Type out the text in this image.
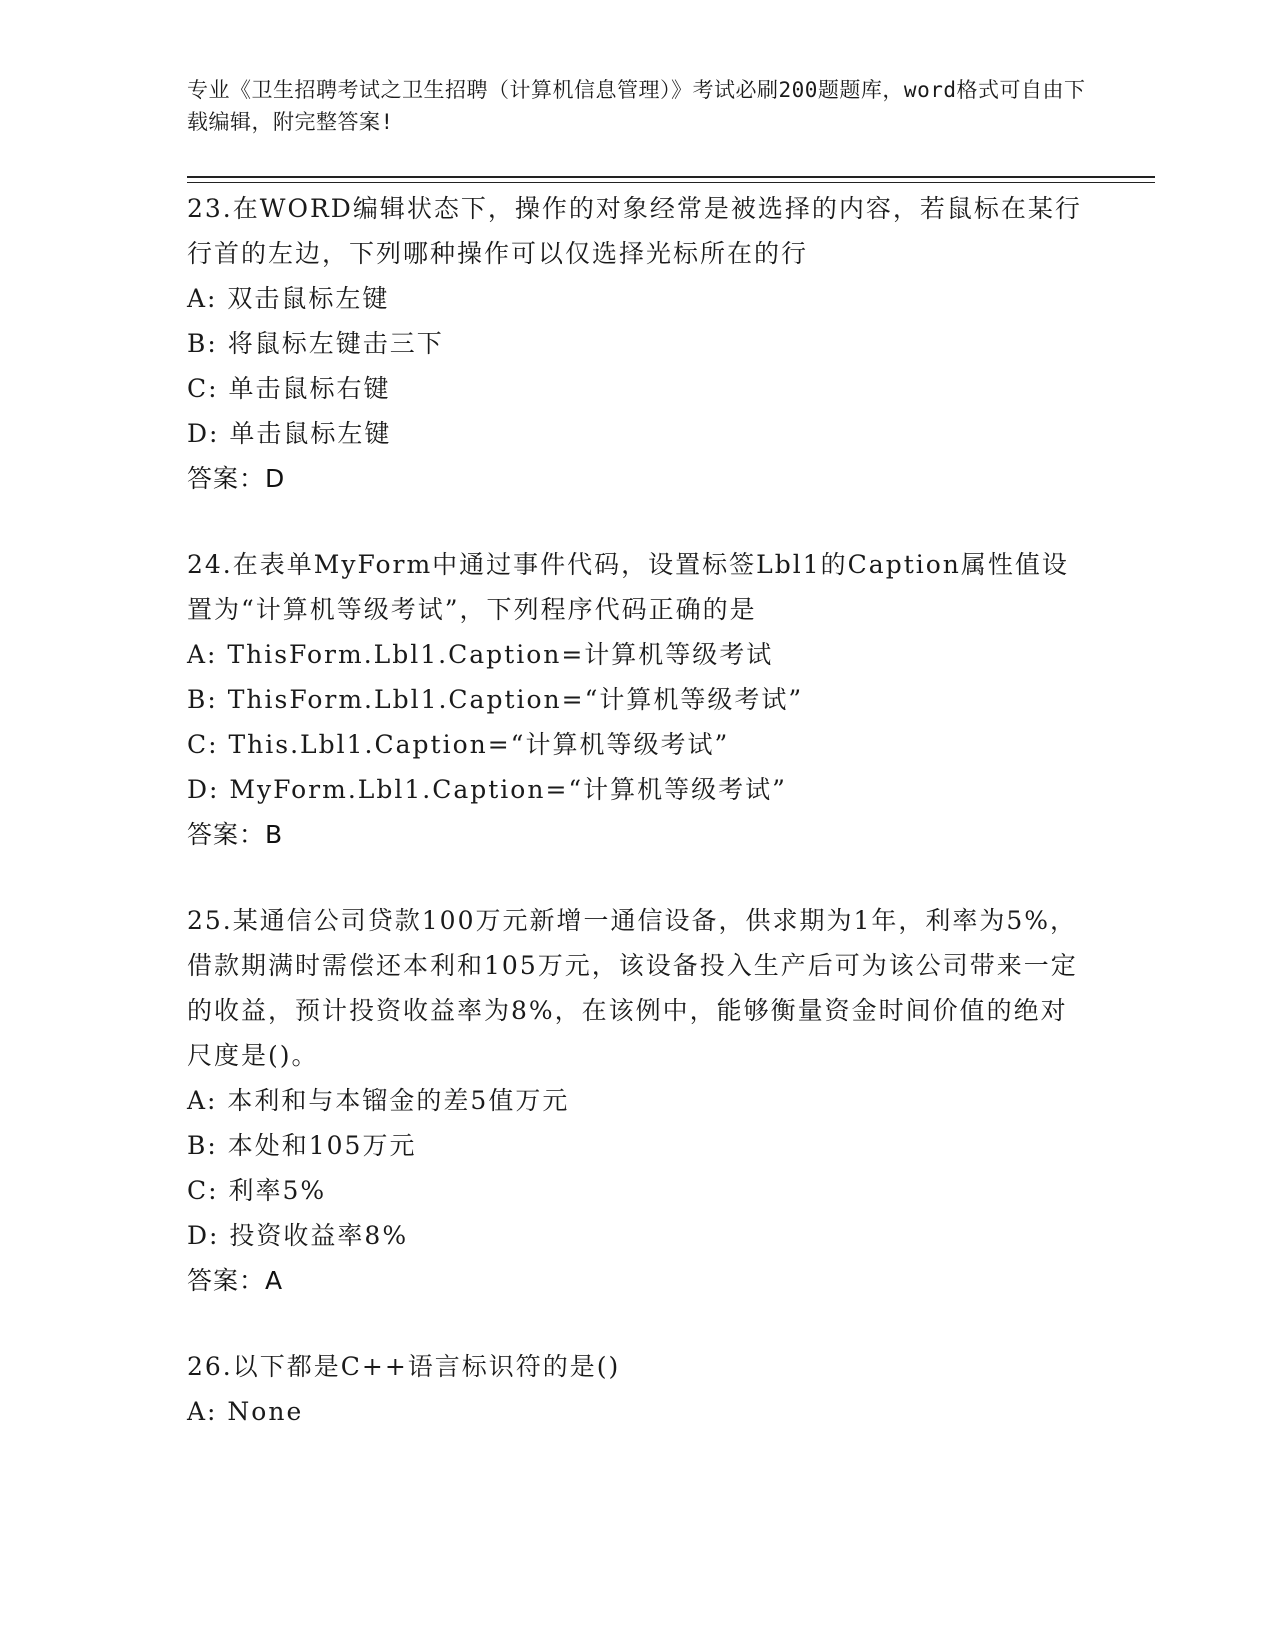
专业《卫生招聘考试之卫生招聘（计算机信息管理）》考试必刷200题题库，word格式可自由下载编辑，附完整答案!

23.在WORD编辑状态下，操作的对象经常是被选择的内容，若鼠标在某行行首的左边，下列哪种操作可以仅选择光标所在的行

A: 双击鼠标左键

B: 将鼠标左键击三下

C: 单击鼠标右键

D: 单击鼠标左键

答案：D

24.在表单MyForm中通过事件代码，设置标签Lbl1的Caption属性值设置为“计算机等级考试”，下列程序代码正确的是

A: ThisForm.Lbl1.Caption=计算机等级考试

B: ThisForm.Lbl1.Caption=“计算机等级考试”

C: This.Lbl1.Caption=“计算机等级考试”

D: MyForm.Lbl1.Caption=“计算机等级考试”

答案：B

25.某通信公司贷款100万元新增一通信设备，供求期为1年，利率为5%，借款期满时需偿还本利和105万元，该设备投入生产后可为该公司带来一定的收益，预计投资收益率为8%，在该例中，能够衡量资金时间价值的绝对尺度是()。

A: 本利和与本镏金的差5值万元

B: 本处和105万元

C: 利率5%

D: 投资收益率8%

答案：A

26.以下都是C++语言标识符的是()

A: None
